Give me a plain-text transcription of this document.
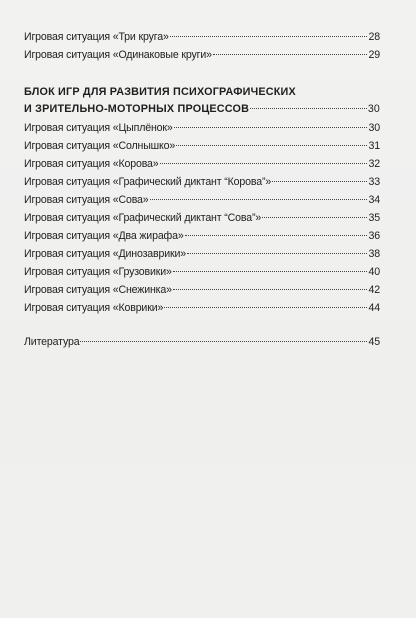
Игровая ситуация «Три круга»	28
Игровая ситуация «Одинаковые круги»	29
БЛОК ИГР ДЛЯ РАЗВИТИЯ ПСИХОГРАФИЧЕСКИХ
И ЗРИТЕЛЬНО-МОТОРНЫХ ПРОЦЕССОВ	30
Игровая ситуация «Цыплёнок»	30
Игровая ситуация «Солнышко»	31
Игровая ситуация «Корова»	32
Игровая ситуация «Графический диктант “Корова”»	33
Игровая ситуация «Сова»	34
Игровая ситуация «Графический диктант “Сова”»	35
Игровая ситуация «Два жирафа»	36
Игровая ситуация «Динозаврики»	38
Игровая ситуация «Грузовики»	40
Игровая ситуация «Снежинка»	42
Игровая ситуация «Коврики»	44
Литература	45
